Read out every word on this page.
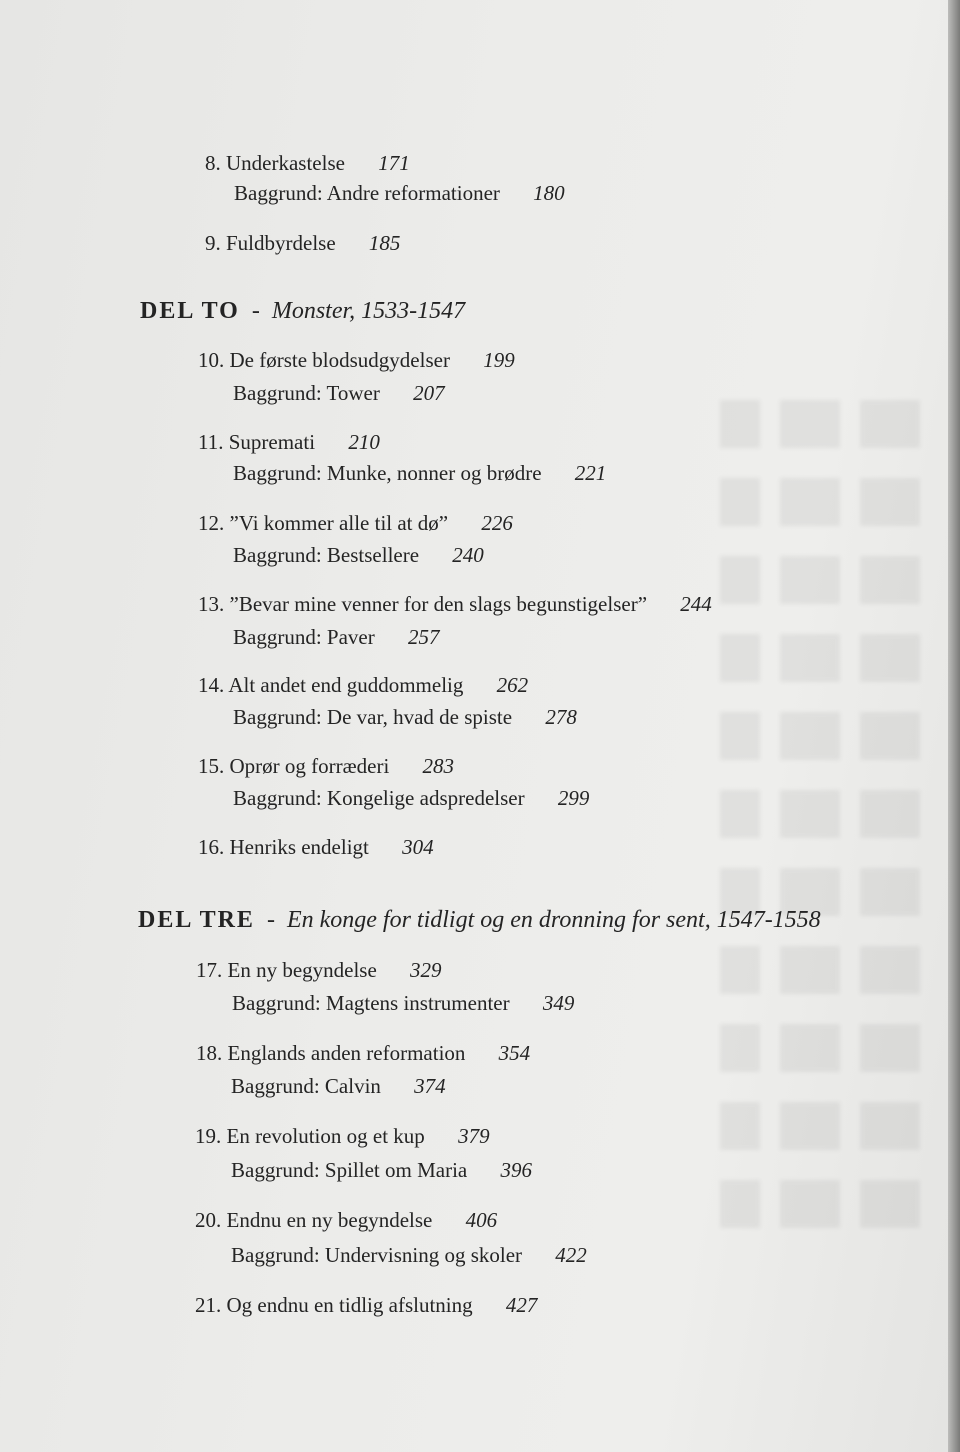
8. Underkastelse 171
Baggrund: Andre reformationer 180
9. Fuldbyrdelse 185
DEL TO - Monster, 1533-1547
10. De første blodsudgydelser 199
Baggrund: Tower 207
11. Supremati 210
Baggrund: Munke, nonner og brødre 221
12. ”Vi kommer alle til at dø” 226
Baggrund: Bestsellere 240
13. ”Bevar mine venner for den slags begunstigelser” 244
Baggrund: Paver 257
14. Alt andet end guddommelig 262
Baggrund: De var, hvad de spiste 278
15. Oprør og forræderi 283
Baggrund: Kongelige adspredelser 299
16. Henriks endeligt 304
DEL TRE - En konge for tidligt og en dronning for sent, 1547-1558
17. En ny begyndelse 329
Baggrund: Magtens instrumenter 349
18. Englands anden reformation 354
Baggrund: Calvin 374
19. En revolution og et kup 379
Baggrund: Spillet om Maria 396
20. Endnu en ny begyndelse 406
Baggrund: Undervisning og skoler 422
21. Og endnu en tidlig afslutning 427
